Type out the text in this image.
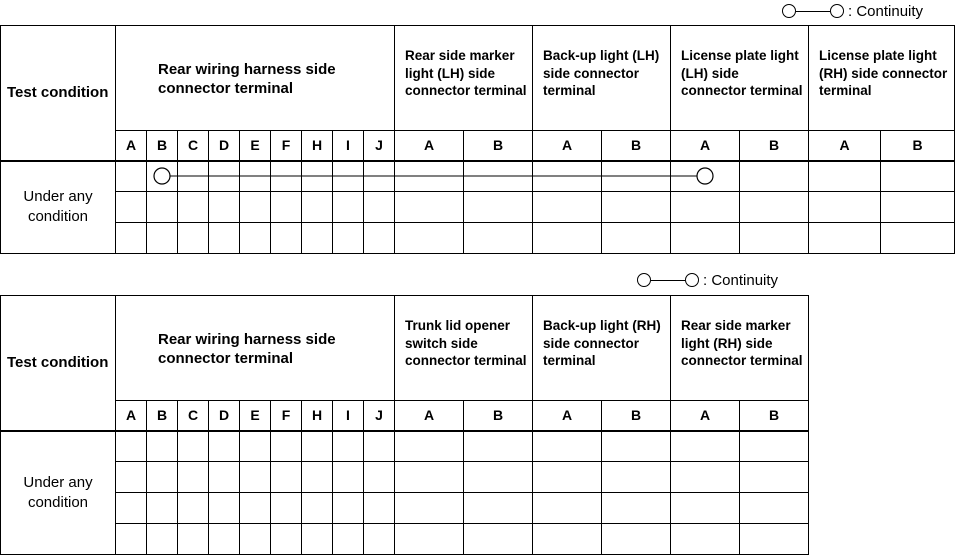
: Continuity
Test condition	Rear wiring harness side connector terminal									Rear side marker light (LH) side connector terminal		Back-up light (LH) side connector terminal		License plate light (LH) side connector terminal		License plate light (RH) side connector terminal	
	A	B	C	D	E	F	H	I	J	A	B	A	B	A	B	A	B
Under any condition																	

: Continuity
Test condition	Rear wiring harness side connector terminal									Trunk lid opener switch side connector terminal		Back-up light (RH) side connector terminal		Rear side marker light (RH) side connector terminal	
	A	B	C	D	E	F	H	I	J	A	B	A	B	A	B
Under any condition															
